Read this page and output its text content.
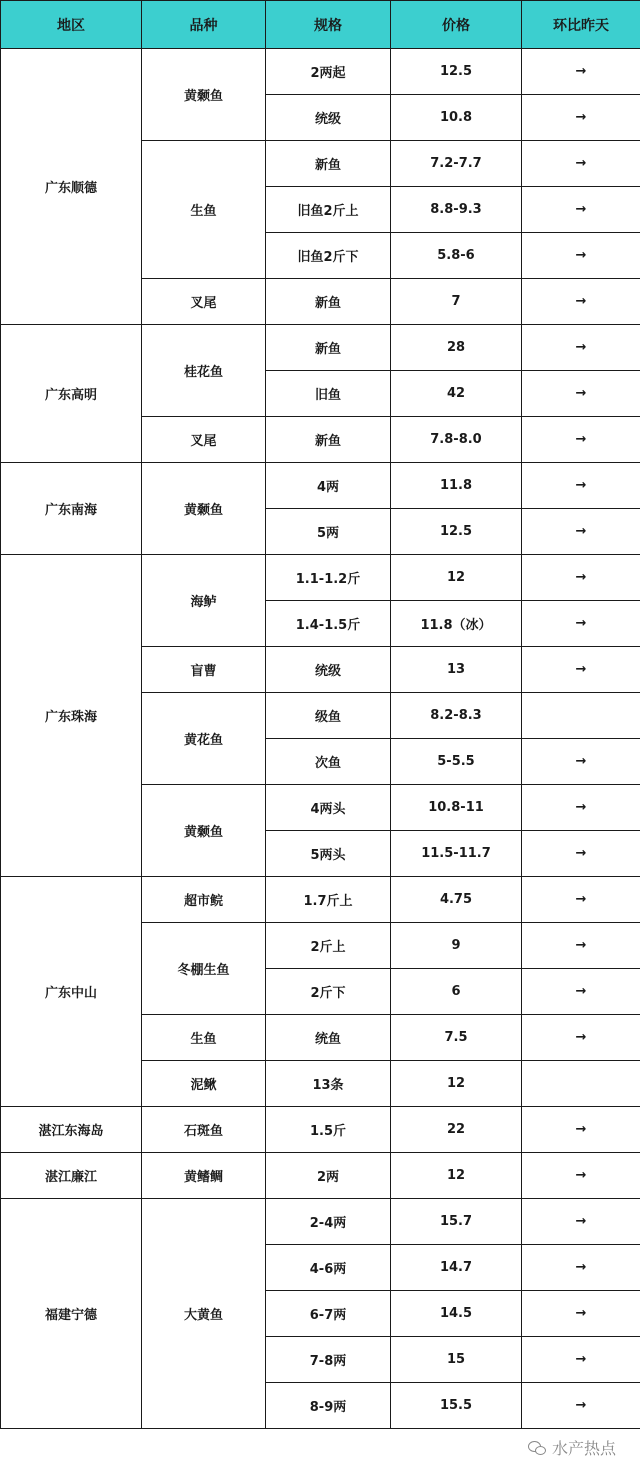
地区	品种	规格	价格	环比昨天
广东顺德	黄颡鱼	2两起	12.5	→
		统级	10.8	→
	生鱼	新鱼	7.2-7.7	→
		旧鱼2斤上	8.8-9.3	→
		旧鱼2斤下	5.8-6	→
	叉尾	新鱼	7	→
广东高明	桂花鱼	新鱼	28	→
		旧鱼	42	→
	叉尾	新鱼	7.8-8.0	→
广东南海	黄颡鱼	4两	11.8	→
		5两	12.5	→
广东珠海	海鲈	1.1-1.2斤	12	→
		1.4-1.5斤	11.8（冰）	→
	盲曹	统级	13	→
	黄花鱼	级鱼	8.2-8.3	
		次鱼	5-5.5	→
	黄颡鱼	4两头	10.8-11	→
		5两头	11.5-11.7	→
广东中山	超市鲩	1.7斤上	4.75	→
	冬棚生鱼	2斤上	9	→
		2斤下	6	→
	生鱼	统鱼	7.5	→
	泥鳅	13条	12	
湛江东海岛	石斑鱼	1.5斤	22	→
湛江廉江	黄鳍鲷	2两	12	→
福建宁德	大黄鱼	2-4两	15.7	→
		4-6两	14.7	→
		6-7两	14.5	→
		7-8两	15	→
		8-9两	15.5	→
水产热点
